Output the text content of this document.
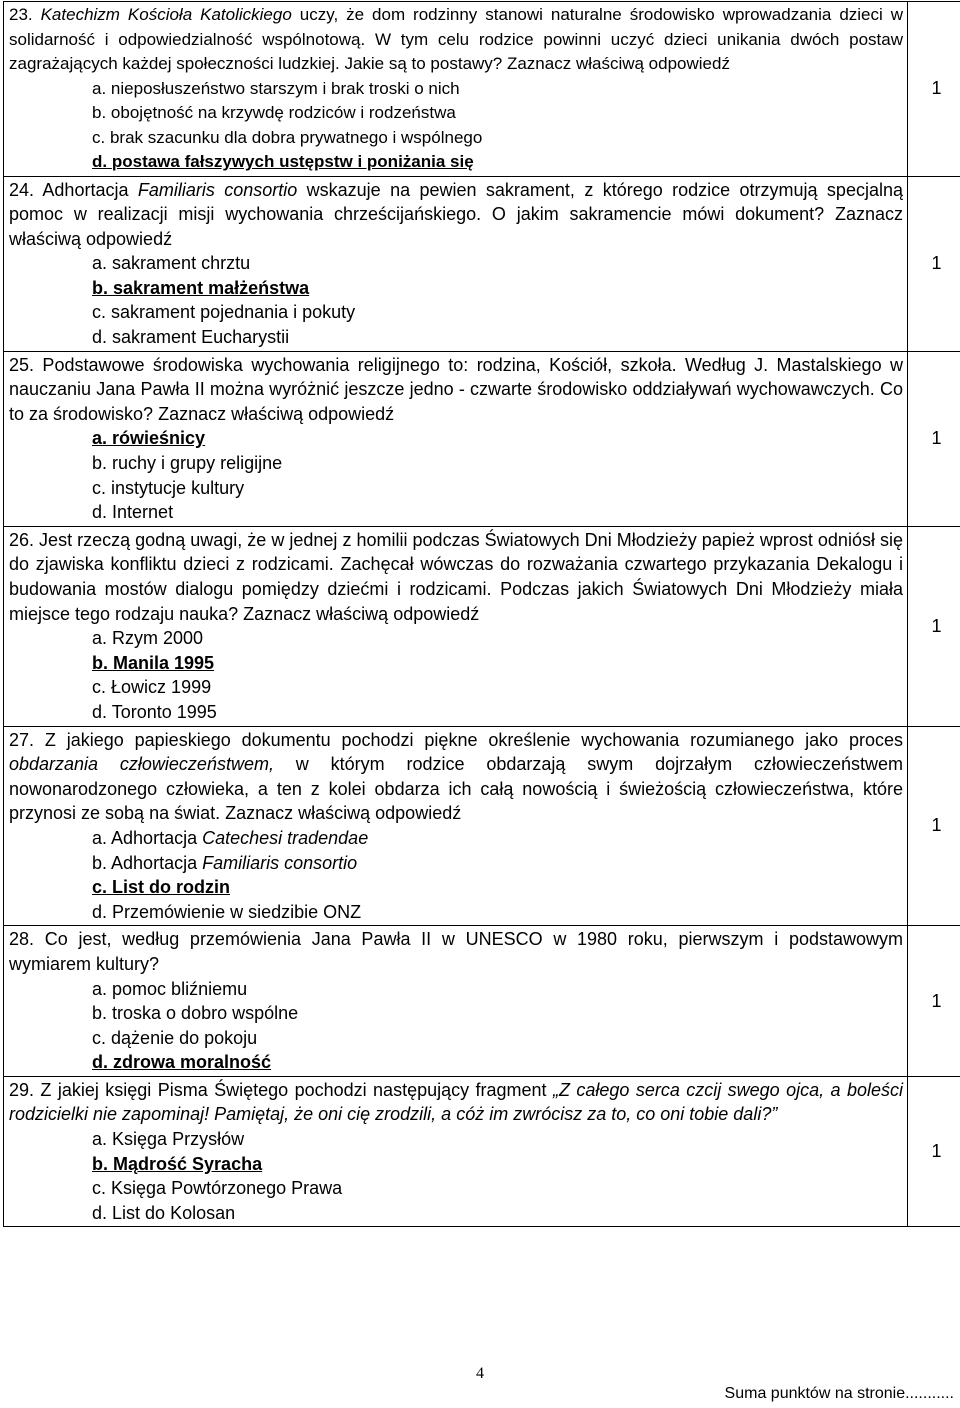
23. Katechizm Kościoła Katolickiego uczy, że dom rodzinny stanowi naturalne środowisko wprowadzania dzieci w solidarność i odpowiedzialność wspólnotową. W tym celu rodzice powinni uczyć dzieci unikania dwóch postaw zagrażających każdej społeczności ludzkiej. Jakie są to postawy? Zaznacz właściwą odpowiedź
a. nieposłuszeństwo starszym i brak troski o nich
b. obojętność na krzywdę rodziców i rodzeństwa
c. brak szacunku dla dobra prywatnego i wspólnego
d. postawa fałszywych ustępstw i poniżania się	1

24. Adhortacja Familiaris consortio wskazuje na pewien sakrament, z którego rodzice otrzymują specjalną pomoc w realizacji misji wychowania chrześcijańskiego. O jakim sakramencie mówi dokument? Zaznacz właściwą odpowiedź
a. sakrament chrztu
b. sakrament małżeństwa
c. sakrament pojednania i pokuty
d. sakrament Eucharystii	1

25. Podstawowe środowiska wychowania religijnego to: rodzina, Kościół, szkoła. Według J. Mastalskiego w nauczaniu Jana Pawła II można wyróżnić jeszcze jedno - czwarte środowisko oddziaływań wychowawczych. Co to za środowisko? Zaznacz właściwą odpowiedź
a. rówieśnicy
b. ruchy i grupy religijne
c. instytucje kultury
d. Internet	1

26. Jest rzeczą godną uwagi, że w jednej z homilii podczas Światowych Dni Młodzieży papież wprost odniósł się do zjawiska konfliktu dzieci z rodzicami. Zachęcał wówczas do rozważania czwartego przykazania Dekalogu i budowania mostów dialogu pomiędzy dziećmi i rodzicami. Podczas jakich Światowych Dni Młodzieży miała miejsce tego rodzaju nauka? Zaznacz właściwą odpowiedź
a. Rzym 2000
b. Manila 1995
c. Łowicz 1999
d. Toronto 1995	1

27. Z jakiego papieskiego dokumentu pochodzi piękne określenie wychowania rozumianego jako proces obdarzania człowieczeństwem, w którym rodzice obdarzają swym dojrzałym człowieczeństwem nowonarodzonego człowieka, a ten z kolei obdarza ich całą nowością i świeżością człowieczeństwa, które przynosi ze sobą na świat. Zaznacz właściwą odpowiedź
a. Adhortacja Catechesi tradendae
b. Adhortacja Familiaris consortio
c. List do rodzin
d. Przemówienie w siedzibie ONZ	1

28. Co jest, według przemówienia Jana Pawła II w UNESCO w 1980 roku, pierwszym i podstawowym wymiarem kultury?
a. pomoc bliźniemu
b. troska o dobro wspólne
c. dążenie do pokoju
d. zdrowa moralność	1

29. Z jakiej księgi Pisma Świętego pochodzi następujący fragment „Z całego serca czcij swego ojca, a boleści rodzicielki nie zapominaj! Pamiętaj, że oni cię zrodzili, a cóż im zwrócisz za to, co oni tobie dali?”
a. Księga Przysłów
b. Mądrość Syracha
c. Księga Powtórzonego Prawa
d. List do Kolosan	1
4
Suma punktów na stronie...........
